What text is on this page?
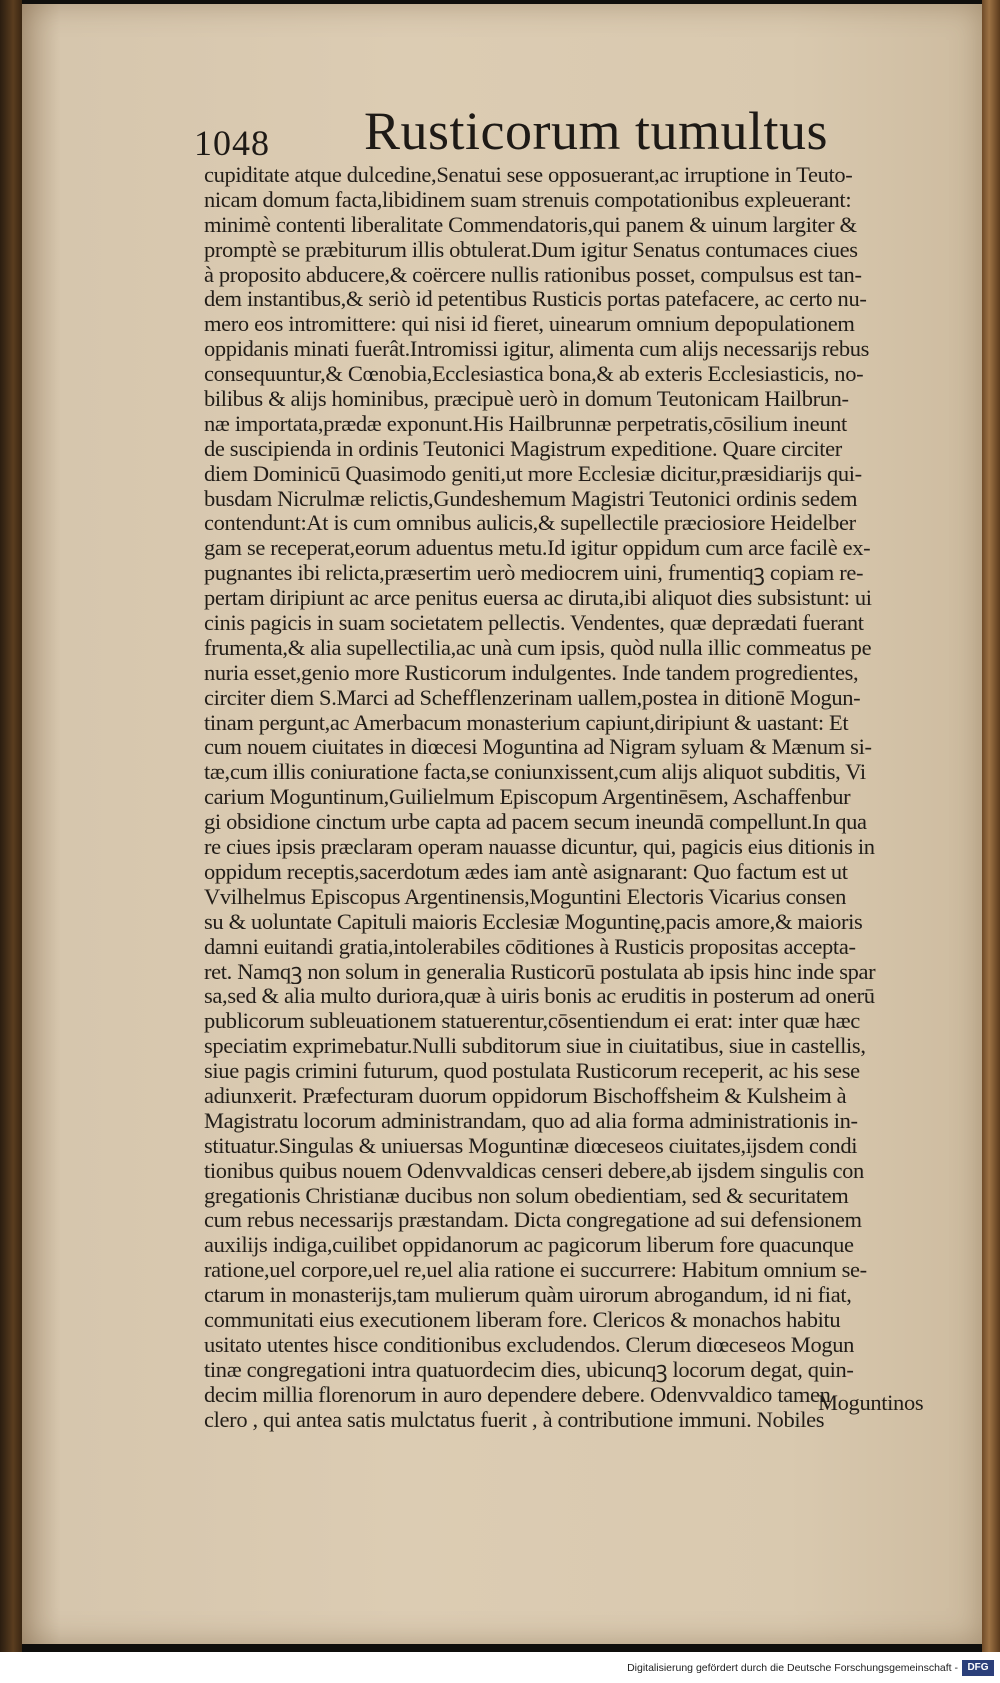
1048 Rusticorum tumultus
cupiditate atque dulcedine,Senatui sese opposuerant,ac irruptione in Teuto-
nicam domum facta,libidinem suam strenuis compotationibus expleuerant:
minimè contenti liberalitate Commendatoris,qui panem & uinum largiter &
promptè se præbiturum illis obtulerat.Dum igitur Senatus contumaces ciues
à proposito abducere,& coërcere nullis rationibus posset, compulsus est tan-
dem instantibus,& seriò id petentibus Rusticis portas patefacere, ac certo nu-
mero eos intromittere: qui nisi id fieret, uinearum omnium depopulationem
oppidanis minati fuerât.Intromissi igitur, alimenta cum alijs necessarijs rebus
consequuntur,& Cœnobia,Ecclesiastica bona,& ab exteris Ecclesiasticis, no-
bilibus & alijs hominibus, præcipuè uerò in domum Teutonicam Hailbrun-
næ importata,prædæ exponunt.His Hailbrunnæ perpetratis,cōsilium ineunt
de suscipienda in ordinis Teutonici Magistrum expeditione. Quare circiter
diem Dominicū Quasimodo geniti,ut more Ecclesiæ dicitur,præsidiarijs qui-
busdam Nicrulmæ relictis,Gundeshemum Magistri Teutonici ordinis sedem
contendunt:At is cum omnibus aulicis,& supellectile præciosiore Heidelber
gam se receperat,eorum aduentus metu.Id igitur oppidum cum arce facilè ex-
pugnantes ibi relicta,præsertim uerò mediocrem uini, frumentiqꝫ copiam re-
pertam diripiunt ac arce penitus euersa ac diruta,ibi aliquot dies subsistunt: ui
cinis pagicis in suam societatem pellectis. Vendentes, quæ deprædati fuerant
frumenta,& alia supellectilia,ac unà cum ipsis, quòd nulla illic commeatus pe
nuria esset,genio more Rusticorum indulgentes. Inde tandem progredientes,
circiter diem S.Marci ad Schefflenzerinam uallem,postea in ditionē Mogun-
tinam pergunt,ac Amerbacum monasterium capiunt,diripiunt & uastant: Et
cum nouem ciuitates in diœcesi Moguntina ad Nigram syluam & Mænum si-
tæ,cum illis coniuratione facta,se coniunxissent,cum alijs aliquot subditis, Vi
carium Moguntinum,Guilielmum Episcopum Argentinēsem, Aschaffenbur
gi obsidione cinctum urbe capta ad pacem secum ineundā compellunt.In qua
re ciues ipsis præclaram operam nauasse dicuntur, qui, pagicis eius ditionis in
oppidum receptis,sacerdotum ædes iam antè asignarant: Quo factum est ut
Vvilhelmus Episcopus Argentinensis,Moguntini Electoris Vicarius consen
su & uoluntate Capituli maioris Ecclesiæ Moguntinę,pacis amore,& maioris
damni euitandi gratia,intolerabiles cōditiones à Rusticis propositas accepta-
ret. Namqꝫ non solum in generalia Rusticorū postulata ab ipsis hinc inde spar
sa,sed & alia multo duriora,quæ à uiris bonis ac eruditis in posterum ad onerū
publicorum subleuationem statuerentur,cōsentiendum ei erat: inter quæ hæc
speciatim exprimebatur.Nulli subditorum siue in ciuitatibus, siue in castellis,
siue pagis crimini futurum, quod postulata Rusticorum receperit, ac his sese
adiunxerit. Præfecturam duorum oppidorum Bischoffsheim & Kulsheim à
Magistratu locorum administrandam, quo ad alia forma administrationis in-
stituatur.Singulas & uniuersas Moguntinæ diœceseos ciuitates,ijsdem condi
tionibus quibus nouem Odenvvaldicas censeri debere,ab ijsdem singulis con
gregationis Christianæ ducibus non solum obedientiam, sed & securitatem
cum rebus necessarijs præstandam. Dicta congregatione ad sui defensionem
auxilijs indiga,cuilibet oppidanorum ac pagicorum liberum fore quacunque
ratione,uel corpore,uel re,uel alia ratione ei succurrere: Habitum omnium se-
ctarum in monasterijs,tam mulierum quàm uirorum abrogandum, id ni fiat,
communitati eius executionem liberam fore. Clericos & monachos habitu
usitato utentes hisce conditionibus excludendos. Clerum diœceseos Mogun
tinæ congregationi intra quatuordecim dies, ubicunqꝫ locorum degat, quin-
decim millia florenorum in auro dependere debere. Odenvvaldico tamen
clero , qui antea satis mulctatus fuerit , à contributione immuni. Nobiles
Moguntinos
Digitalisierung gefördert durch die Deutsche Forschungsgemeinschaft - DFG
